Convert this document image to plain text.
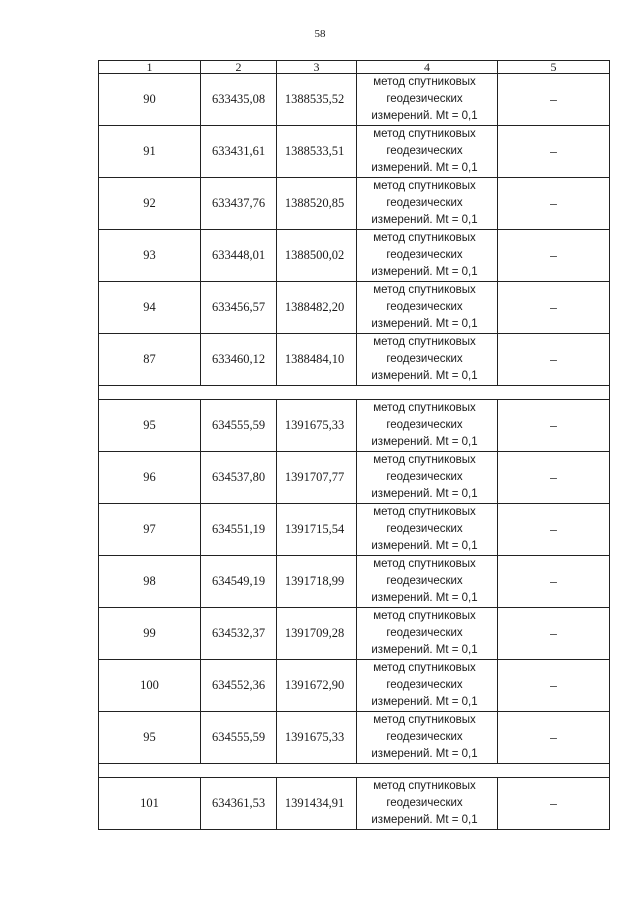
58
1	2	3	4	5
90	633435,08	1388535,52	метод спутниковых
геодезических
измерений. Mt = 0,1	–
91	633431,61	1388533,51	метод спутниковых
геодезических
измерений. Mt = 0,1	–
92	633437,76	1388520,85	метод спутниковых
геодезических
измерений. Mt = 0,1	–
93	633448,01	1388500,02	метод спутниковых
геодезических
измерений. Mt = 0,1	–
94	633456,57	1388482,20	метод спутниковых
геодезических
измерений. Mt = 0,1	–
87	633460,12	1388484,10	метод спутниковых
геодезических
измерений. Mt = 0,1	–

95	634555,59	1391675,33	метод спутниковых
геодезических
измерений. Mt = 0,1	–
96	634537,80	1391707,77	метод спутниковых
геодезических
измерений. Mt = 0,1	–
97	634551,19	1391715,54	метод спутниковых
геодезических
измерений. Mt = 0,1	–
98	634549,19	1391718,99	метод спутниковых
геодезических
измерений. Mt = 0,1	–
99	634532,37	1391709,28	метод спутниковых
геодезических
измерений. Mt = 0,1	–
100	634552,36	1391672,90	метод спутниковых
геодезических
измерений. Mt = 0,1	–
95	634555,59	1391675,33	метод спутниковых
геодезических
измерений. Mt = 0,1	–

101	634361,53	1391434,91	метод спутниковых
геодезических
измерений. Mt = 0,1	–
